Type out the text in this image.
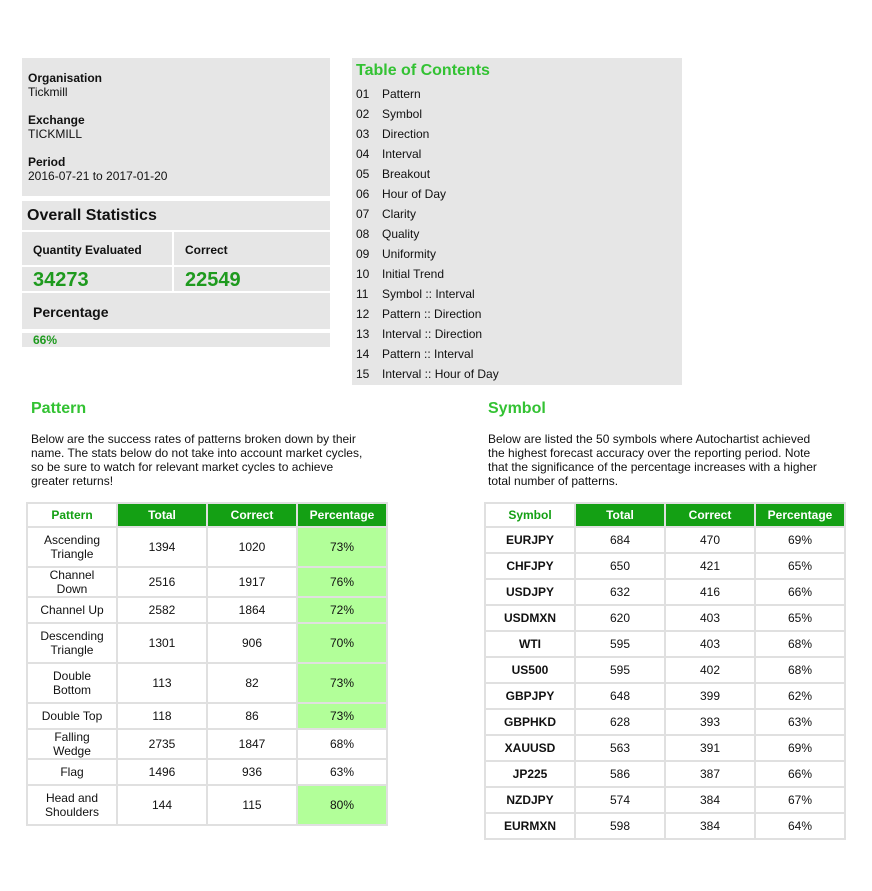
Organisation
Tickmill
Exchange
TICKMILL
Period
2016-07-21 to 2017-01-20
Overall Statistics
Quantity Evaluated	Correct
34273	22549
Percentage
66%
Table of Contents
01 Pattern
02 Symbol
03 Direction
04 Interval
05 Breakout
06 Hour of Day
07 Clarity
08 Quality
09 Uniformity
10 Initial Trend
11 Symbol :: Interval
12 Pattern :: Direction
13 Interval :: Direction
14 Pattern :: Interval
15 Interval :: Hour of Day
Pattern
Below are the success rates of patterns broken down by their name. The stats below do not take into account market cycles, so be sure to watch for relevant market cycles to achieve greater returns!
Pattern	Total	Correct	Percentage
Ascending Triangle	1394	1020	73%
Channel Down	2516	1917	76%
Channel Up	2582	1864	72%
Descending Triangle	1301	906	70%
Double Bottom	113	82	73%
Double Top	118	86	73%
Falling Wedge	2735	1847	68%
Flag	1496	936	63%
Head and Shoulders	144	115	80%
Symbol
Below are listed the 50 symbols where Autochartist achieved the highest forecast accuracy over the reporting period. Note that the significance of the percentage increases with a higher total number of patterns.
Symbol	Total	Correct	Percentage
EURJPY	684	470	69%
CHFJPY	650	421	65%
USDJPY	632	416	66%
USDMXN	620	403	65%
WTI	595	403	68%
US500	595	402	68%
GBPJPY	648	399	62%
GBPHKD	628	393	63%
XAUUSD	563	391	69%
JP225	586	387	66%
NZDJPY	574	384	67%
EURMXN	598	384	64%
